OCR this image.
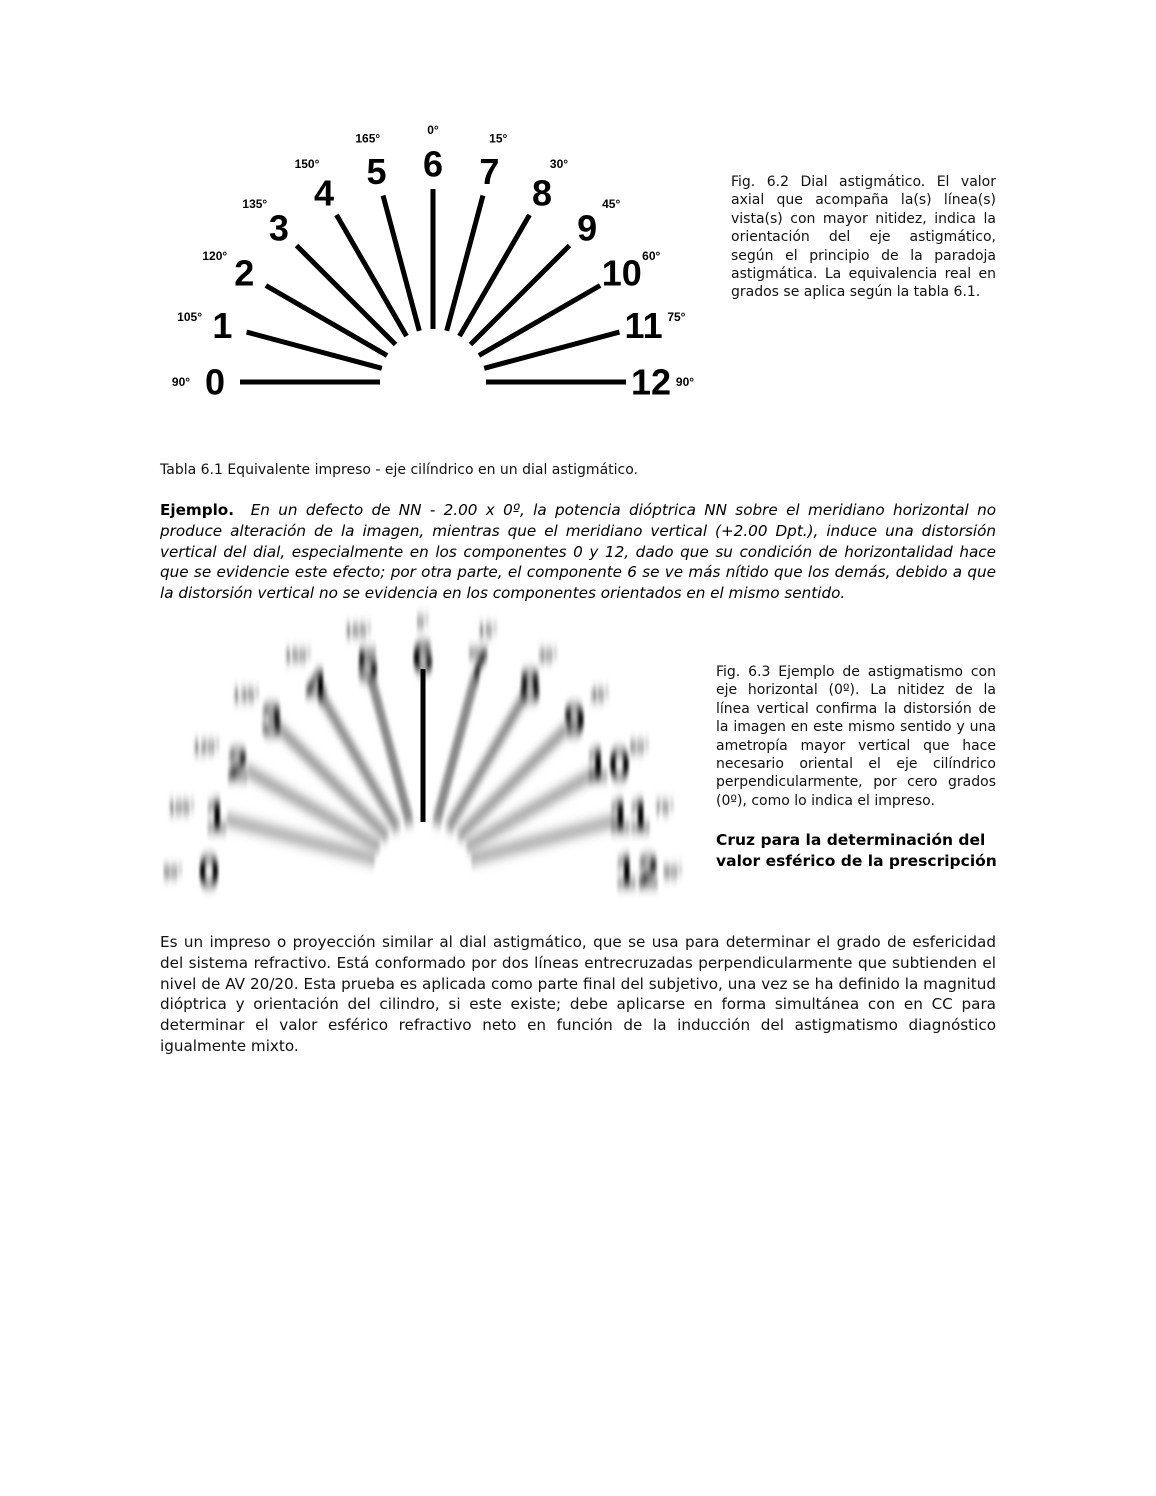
0
90°
1
105°
2
120°
3
135° 4
150° 5
165°
6
0°
7
15°
8
30°
9
45°
10 60°
11 75°
12 90°
0
90°
1
105°
2
120°
3
135° 4
150° 5
165°
6
0°
7
15°
8
30°
9
45°
10 60°
11 75°
12 90°
Fig. 6.2 Dial astigmático. El valor axial que acompaña la(s) línea(s) vista(s) con mayor nitidez, indica la orientación del eje astigmático, según el principio de la paradoja astigmática. La equivalencia real en grados se aplica según la tabla 6.1.
Tabla 6.1 Equivalente impreso - eje cilíndrico en un dial astigmático.
Ejemplo. En un defecto de NN - 2.00 x 0º, la potencia dióptrica NN sobre el meridiano horizontal no produce alteración de la imagen, mientras que el meridiano vertical (+2.00 Dpt.), induce una distorsión vertical del dial, especialmente en los componentes 0 y 12, dado que su condición de horizontalidad hace que se evidencie este efecto; por otra parte, el componente 6 se ve más nítido que los demás, debido a que la distorsión vertical no se evidencia en los componentes orientados en el mismo sentido.
Fig. 6.3 Ejemplo de astigmatismo con eje horizontal (0º). La nitidez de la línea vertical confirma la distorsión de la imagen en este mismo sentido y una ametropía mayor vertical que hace necesario oriental el eje cilíndrico perpendicularmente, por cero grados (0º), como lo indica el impreso.
Cruz para la determinación del valor esférico de la prescripción
Es un impreso o proyección similar al dial astigmático, que se usa para determinar el grado de esfericidad del sistema refractivo. Está conformado por dos líneas entrecruzadas perpendicularmente que subtienden el nivel de AV 20/20. Esta prueba es aplicada como parte final del subjetivo, una vez se ha definido la magnitud dióptrica y orientación del cilindro, si este existe; debe aplicarse en forma simultánea con en CC para determinar el valor esférico refractivo neto en función de la inducción del astigmatismo diagnóstico igualmente mixto.
